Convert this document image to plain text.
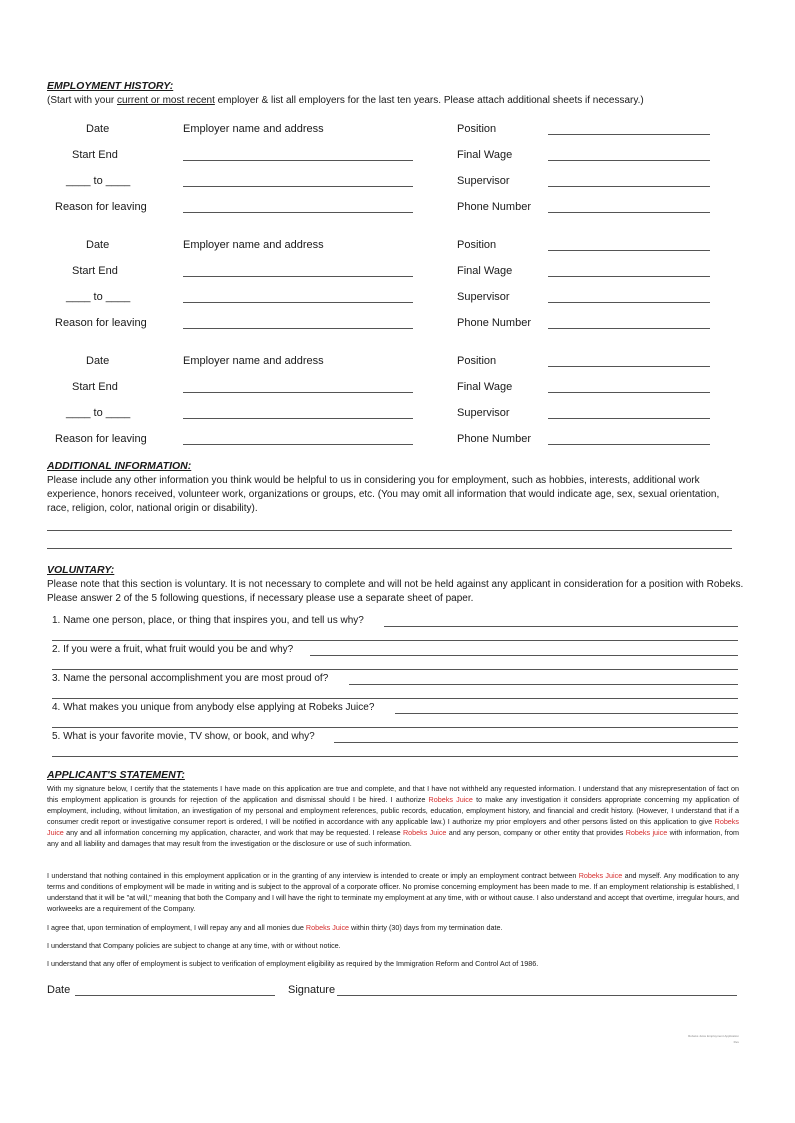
EMPLOYMENT HISTORY:
(Start with your current or most recent employer & list all employers for the last ten years. Please attach additional sheets if necessary.)
Date	Employer name and address	Position
Start End	Final Wage
____ to ____	Supervisor
Reason for leaving	Phone Number
Date	Employer name and address	Position
Start End	Final Wage
____ to ____	Supervisor
Reason for leaving	Phone Number
Date	Employer name and address	Position
Start End	Final Wage
____ to ____	Supervisor
Reason for leaving	Phone Number
ADDITIONAL INFORMATION:
Please include any other information you think would be helpful to us in considering you for employment, such as hobbies, interests, additional work experience, honors received, volunteer work, organizations or groups, etc. (You may omit all information that would indicate age, sex, sexual orientation, race, religion, color, national origin or disability).
VOLUNTARY:
Please note that this section is voluntary. It is not necessary to complete and will not be held against any applicant in consideration for a position with Robeks. Please answer 2 of the 5 following questions, if necessary please use a separate sheet of paper.
1. Name one person, place, or thing that inspires you, and tell us why?
2. If you were a fruit, what fruit would you be and why?
3. Name the personal accomplishment you are most proud of?
4. What makes you unique from anybody else applying at Robeks Juice?
5. What is your favorite movie, TV show, or book, and why?
APPLICANT'S STATEMENT:
With my signature below, I certify that the statements I have made on this application are true and complete, and that I have not withheld any requested information. I understand that any misrepresentation of fact on this employment application is grounds for rejection of the application and dismissal should I be hired. I authorize Robeks Juice to make any investigation it considers appropriate concerning my application of employment, including, without limitation, an investigation of my personal and employment references, public records, education, employment history, and financial and credit history. (However, I understand that if a consumer credit report or investigative consumer report is ordered, I will be notified in accordance with any applicable law.) I authorize my prior employers and other persons listed on this application to give Robeks Juice any and all information concerning my application, character, and work that may be requested. I release Robeks Juice and any person, company or other entity that provides Robeks juice with information, from any and all liability and damages that may result from the investigation or the disclosure or use of such information.
I understand that nothing contained in this employment application or in the granting of any interview is intended to create or imply an employment contract between Robeks Juice and myself. Any modification to any terms and conditions of employment will be made in writing and is subject to the approval of a corporate officer. No promise concerning employment has been made to me. If an employment relationship is established, I understand that it will be "at will," meaning that both the Company and I will have the right to terminate my employment at any time, with or without cause. I also understand and accept that overtime, irregular hours, and workweeks are a requirement of the Company.
I agree that, upon termination of employment, I will repay any and all monies due Robeks Juice within thirty (30) days from my termination date.
I understand that Company policies are subject to change at any time, with or without notice.
I understand that any offer of employment is subject to verification of employment eligibility as required by the Immigration Reform and Control Act of 1986.
Date	Signature
Robeks Juice Employment Application
Rev
